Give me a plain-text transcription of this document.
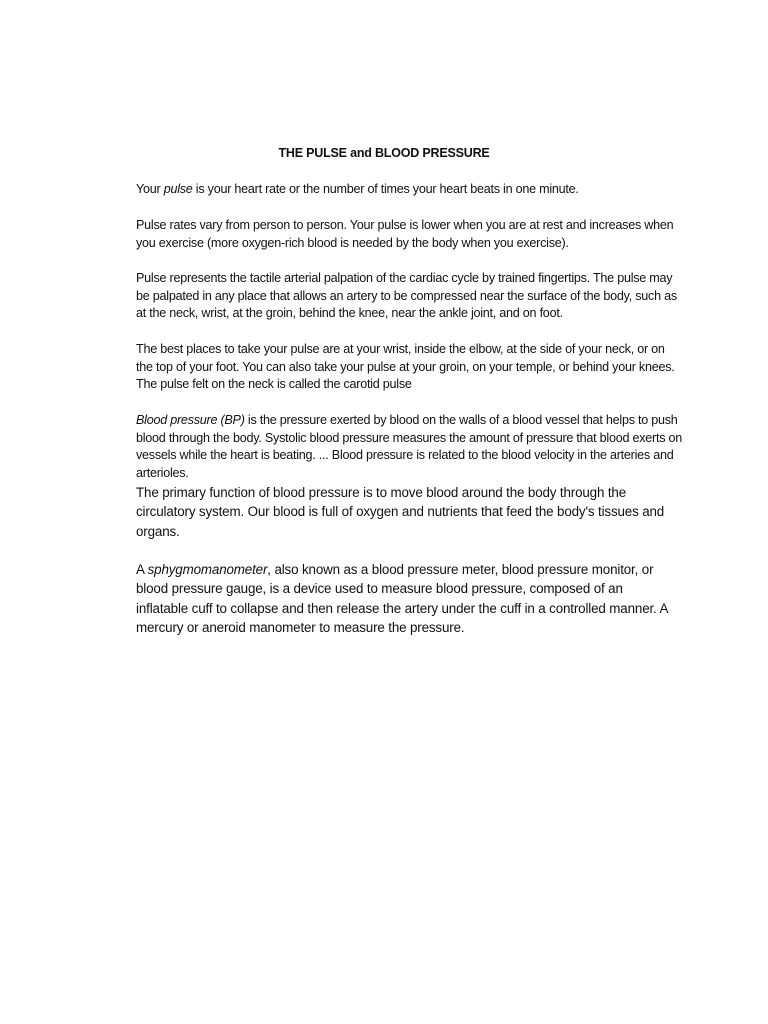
THE PULSE and BLOOD PRESSURE

Your pulse is your heart rate or the number of times your heart beats in one minute.

Pulse rates vary from person to person. Your pulse is lower when you are at rest and increases when you exercise (more oxygen-rich blood is needed by the body when you exercise).

Pulse represents the tactile arterial palpation of the cardiac cycle by trained fingertips. The pulse may be palpated in any place that allows an artery to be compressed near the surface of the body, such as at the neck, wrist, at the groin, behind the knee, near the ankle joint, and on foot.

The best places to take your pulse are at your wrist, inside the elbow, at the side of your neck, or on the top of your foot. You can also take your pulse at your groin, on your temple, or behind your knees. The pulse felt on the neck is called the carotid pulse

Blood pressure (BP) is the pressure exerted by blood on the walls of a blood vessel that helps to push blood through the body. Systolic blood pressure measures the amount of pressure that blood exerts on vessels while the heart is beating. ... Blood pressure is related to the blood velocity in the arteries and arterioles.

The primary function of blood pressure is to move blood around the body through the circulatory system. Our blood is full of oxygen and nutrients that feed the body's tissues and organs.

A sphygmomanometer, also known as a blood pressure meter, blood pressure monitor, or blood pressure gauge, is a device used to measure blood pressure, composed of an inflatable cuff to collapse and then release the artery under the cuff in a controlled manner. A mercury or aneroid manometer to measure the pressure.
